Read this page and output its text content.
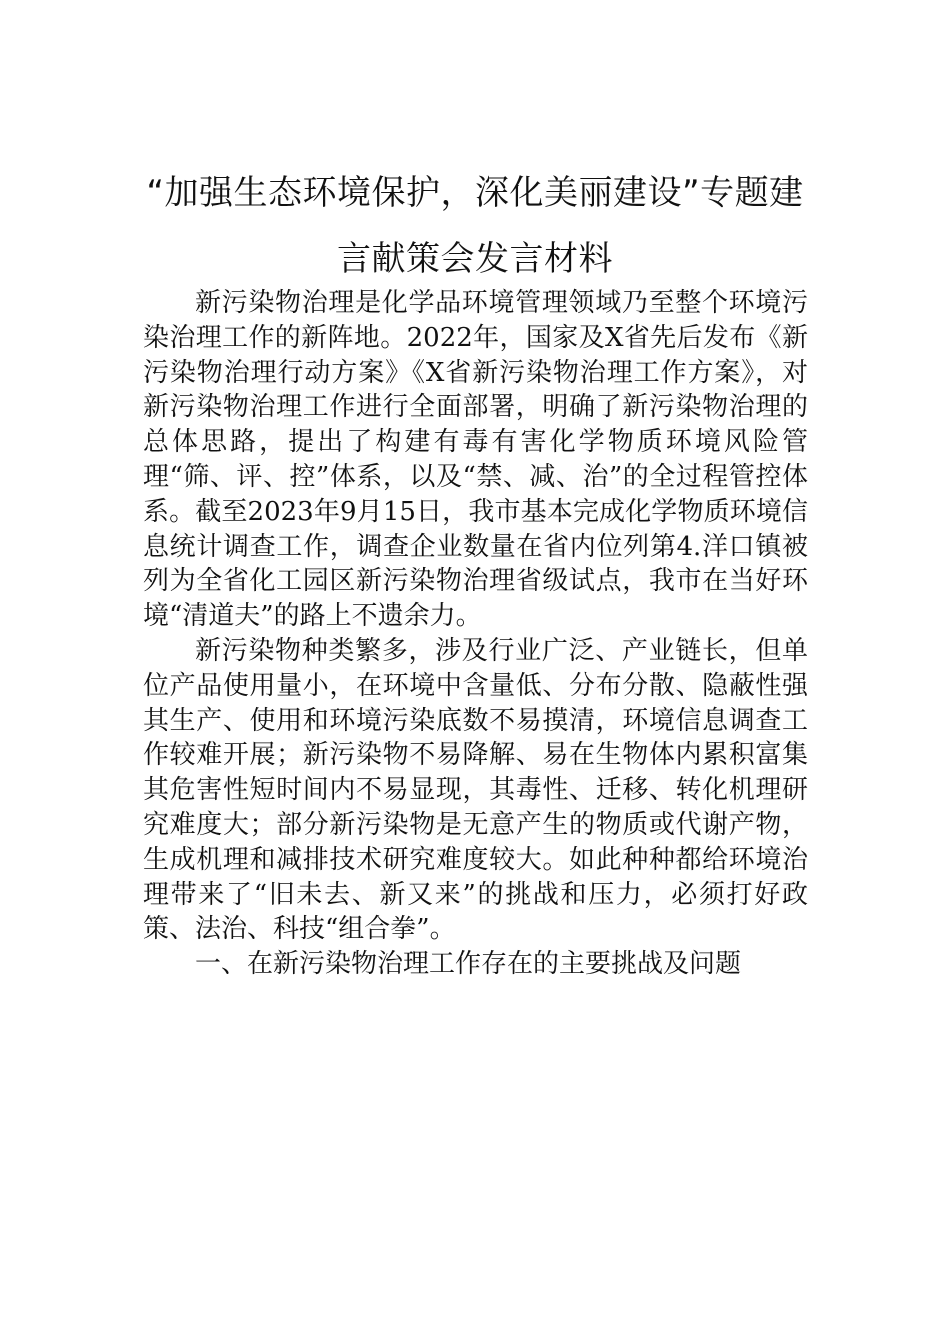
“加强生态环境保护，深化美丽建设”专题建
言献策会发言材料

新污染物治理是化学品环境管理领域乃至整个环境污染治理工作的新阵地。2022年，国家及X省先后发布《新污染物治理行动方案》《X省新污染物治理工作方案》，对新污染物治理工作进行全面部署，明确了新污染物治理的总体思路，提出了构建有毒有害化学物质环境风险管理“筛、评、控”体系，以及“禁、减、治”的全过程管控体系。截至2023年9月15日，我市基本完成化学物质环境信息统计调查工作，调查企业数量在省内位列第4.洋口镇被列为全省化工园区新污染物治理省级试点，我市在当好环境“清道夫”的路上不遗余力。

新污染物种类繁多，涉及行业广泛、产业链长，但单位产品使用量小，在环境中含量低、分布分散、隐蔽性强其生产、使用和环境污染底数不易摸清，环境信息调查工作较难开展；新污染物不易降解、易在生物体内累积富集其危害性短时间内不易显现，其毒性、迁移、转化机理研究难度大；部分新污染物是无意产生的物质或代谢产物，生成机理和减排技术研究难度较大。如此种种都给环境治理带来了“旧未去、新又来”的挑战和压力，必须打好政策、法治、科技“组合拳”。

一、在新污染物治理工作存在的主要挑战及问题
